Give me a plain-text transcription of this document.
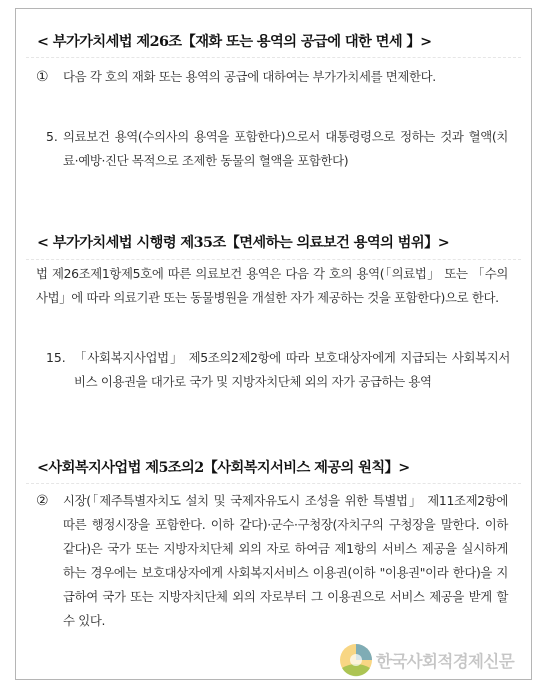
< 부가가치세법 제26조【재화 또는 용역의 공급에 대한 면세 】>
① 다음 각 호의 재화 또는 용역의 공급에 대하여는 부가가치세를 면제한다.

5. 의료보건 용역(수의사의 용역을 포함한다)으로서 대통령령으로 정하는 것과 혈액(치료·예방·진단 목적으로 조제한 동물의 혈액을 포함한다)

< 부가가치세법 시행령 제35조【면세하는 의료보건 용역의 범위】>

법 제26조제1항제5호에 따른 의료보건 용역은 다음 각 호의 용역(「의료법」 또는 「수의사법」에 따라 의료기관 또는 동물병원을 개설한 자가 제공하는 것을 포함한다)으로 한다.

15. 「사회복지사업법」 제5조의2제2항에 따라 보호대상자에게 지급되는 사회복지서비스 이용권을 대가로 국가 및 지방자치단체 외의 자가 공급하는 용역

<사회복지사업법 제5조의2【사회복지서비스 제공의 원칙】>
② 시장(「제주특별자치도 설치 및 국제자유도시 조성을 위한 특별법」 제11조제2항에 따른 행정시장을 포함한다. 이하 같다)·군수·구청장(자치구의 구청장을 말한다. 이하 같다)은 국가 또는 지방자치단체 외의 자로 하여금 제1항의 서비스 제공을 실시하게 하는 경우에는 보호대상자에게 사회복지서비스 이용권(이하 "이용권"이라 한다)을 지급하여 국가 또는 지방자치단체 외의 자로부터 그 이용권으로 서비스 제공을 받게 할 수 있다.

한국사회적경제신문
